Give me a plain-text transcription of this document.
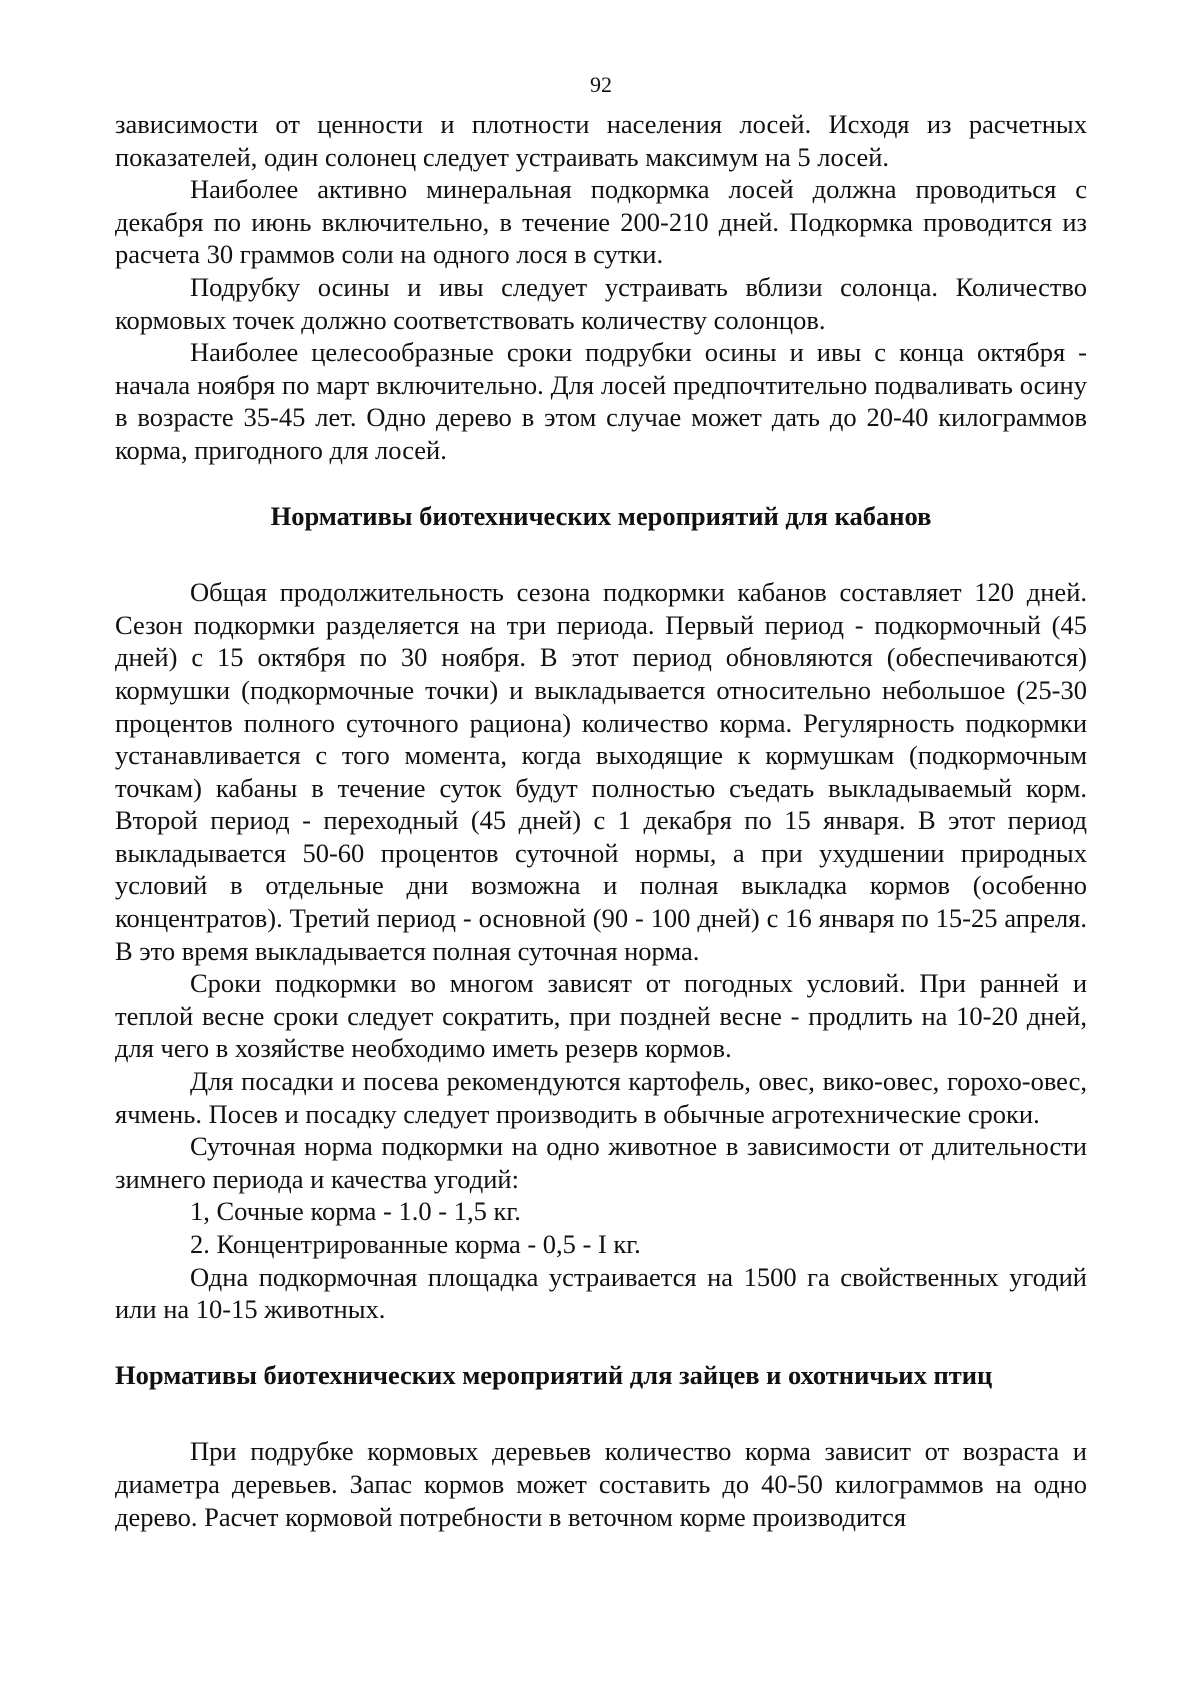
92

зависимости от ценности и плотности населения лосей. Исходя из расчетных показателей, один солонец следует устраивать максимум на 5 лосей.

Наиболее активно минеральная подкормка лосей должна проводиться с декабря по июнь включительно, в течение 200-210 дней. Подкормка проводится из расчета 30 граммов соли на одного лося в сутки.

Подрубку осины и ивы следует устраивать вблизи солонца. Количество кормовых точек должно соответствовать количеству солонцов.

Наиболее целесообразные сроки подрубки осины и ивы с конца октября - начала ноября по март включительно. Для лосей предпочтительно подваливать осину в возрасте 35-45 лет. Одно дерево в этом случае может дать до 20-40 килограммов корма, пригодного для лосей.

Нормативы биотехнических мероприятий для кабанов

Общая продолжительность сезона подкормки кабанов составляет 120 дней. Сезон подкормки разделяется на три периода. Первый период - подкормочный (45 дней) с 15 октября по 30 ноября. В этот период обновляются (обеспечиваются) кормушки (подкормочные точки) и выкладывается относительно небольшое (25-30 процентов полного суточного рациона) количество корма. Регулярность подкормки устанавливается с того момента, когда выходящие к кормушкам (подкормочным точкам) кабаны в течение суток будут полностью съедать выкладываемый корм. Второй период - переходный (45 дней) с 1 декабря по 15 января. В этот период выкладывается 50-60 процентов суточной нормы, а при ухудшении природных условий в отдельные дни возможна и полная выкладка кормов (особенно концентратов). Третий период - основной (90 - 100 дней) с 16 января по 15-25 апреля. В это время выкладывается полная суточная норма.

Сроки подкормки во многом зависят от погодных условий. При ранней и теплой весне сроки следует сократить, при поздней весне - продлить на 10-20 дней, для чего в хозяйстве необходимо иметь резерв кормов.

Для посадки и посева рекомендуются картофель, овес, вико-овес, горохо-овес, ячмень. Посев и посадку следует производить в обычные агротехнические сроки.

Суточная норма подкормки на одно животное в зависимости от длительности зимнего периода и качества угодий:

1, Сочные корма - 1.0 - 1,5 кг.
2. Концентрированные корма - 0,5 - I кг.

Одна подкормочная площадка устраивается на 1500 га свойственных угодий или на 10-15 животных.

Нормативы биотехнических мероприятий для зайцев и охотничьих птиц

При подрубке кормовых деревьев количество корма зависит от возраста и диаметра деревьев. Запас кормов может составить до 40-50 килограммов на одно дерево. Расчет кормовой потребности в веточном корме производится
